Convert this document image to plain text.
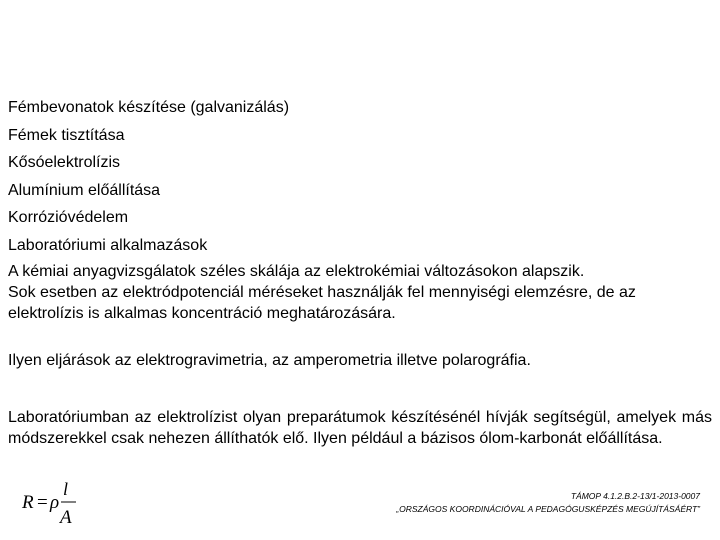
Fémbevonatok készítése (galvanizálás)
Fémek tisztítása
Kősóelektrolízis
Alumínium előállítása
Korrózióvédelem
Laboratóriumi alkalmazások

A kémiai anyagvizsgálatok széles skálája az elektrokémiai változásokon alapszik.
Sok esetben az elektródpotenciál méréseket használják fel mennyiségi elemzésre, de az
elektrolízis is alkalmas koncentráció meghatározására.

Ilyen eljárások az elektrogravimetria, az amperometria illetve polarográfia.

Laboratóriumban az elektrolízist olyan preparátumok készítésénél hívják segítségül, amelyek más módszerekkel csak nehezen állíthatók elő. Ilyen például a bázisos ólom-karbonát előállítása.

R = ρ
l
A
TÁMOP 4.1.2.B.2-13/1-2013-0007
„ORSZÁGOS KOORDINÁCIÓVAL A PEDAGÓGUSKÉPZÉS MEGÚJÍTÁSÁÉRT”
